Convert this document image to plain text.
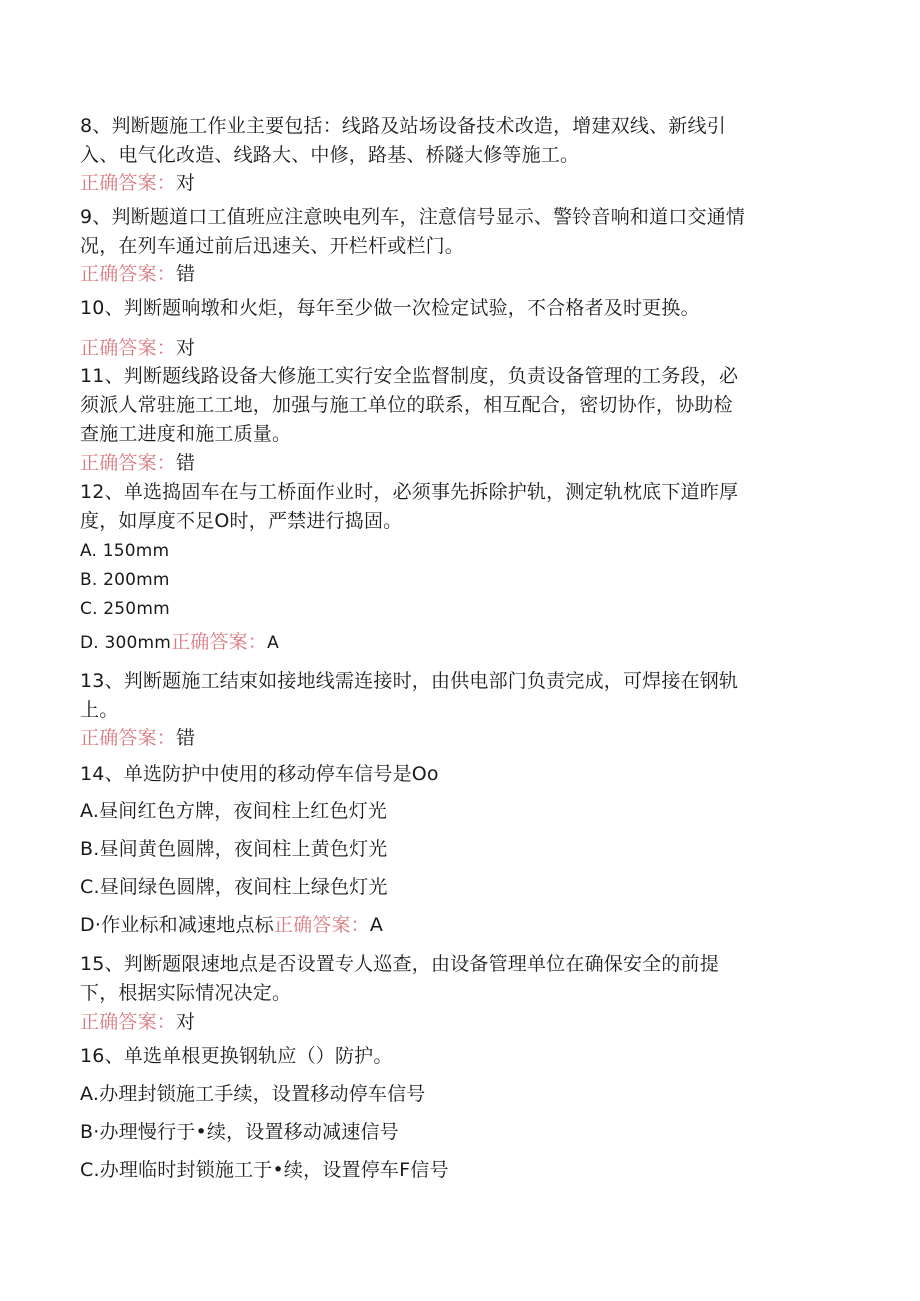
8、判断题施工作业主要包括：线路及站场设备技术改造，增建双线、新线引

入、电气化改造、线路大、中修，路基、桥隧大修等施工。

正确答案：对

9、判断题道口工值班应注意映电列车，注意信号显示、警铃音响和道口交通情

况，在列车通过前后迅速关、开栏杆或栏门。

正确答案：错

10、判断题响墩和火炬，每年至少做一次检定试验，不合格者及时更换。

正确答案：对

11、判断题线路设备大修施工实行安全监督制度，负责设备管理的工务段，必

须派人常驻施工工地，加强与施工单位的联系，相互配合，密切协作，协助检

查施工进度和施工质量。

正确答案：错

12、单选捣固车在与工桥面作业时，必须事先拆除护轨，测定轨枕底下道昨厚

度，如厚度不足O时，严禁进行捣固。

A. 150mm

B. 200mm

C. 250mm

D. 300mm正确答案：A

13、判断题施工结束如接地线需连接时，由供电部门负责完成，可焊接在钢轨

上。

正确答案：错

14、单选防护中使用的移动停车信号是Oo

A.昼间红色方牌，夜间柱上红色灯光

B.昼间黄色圆牌，夜间柱上黄色灯光

C.昼间绿色圆牌，夜间柱上绿色灯光

D·作业标和减速地点标正确答案：A

15、判断题限速地点是否设置专人巡查，由设备管理单位在确保安全的前提

下，根据实际情况决定。

正确答案：对

16、单选单根更换钢轨应（）防护。

A.办理封锁施工手续，设置移动停车信号

B·办理慢行于•续，设置移动减速信号

C.办理临时封锁施工于•续，设置停车F信号
